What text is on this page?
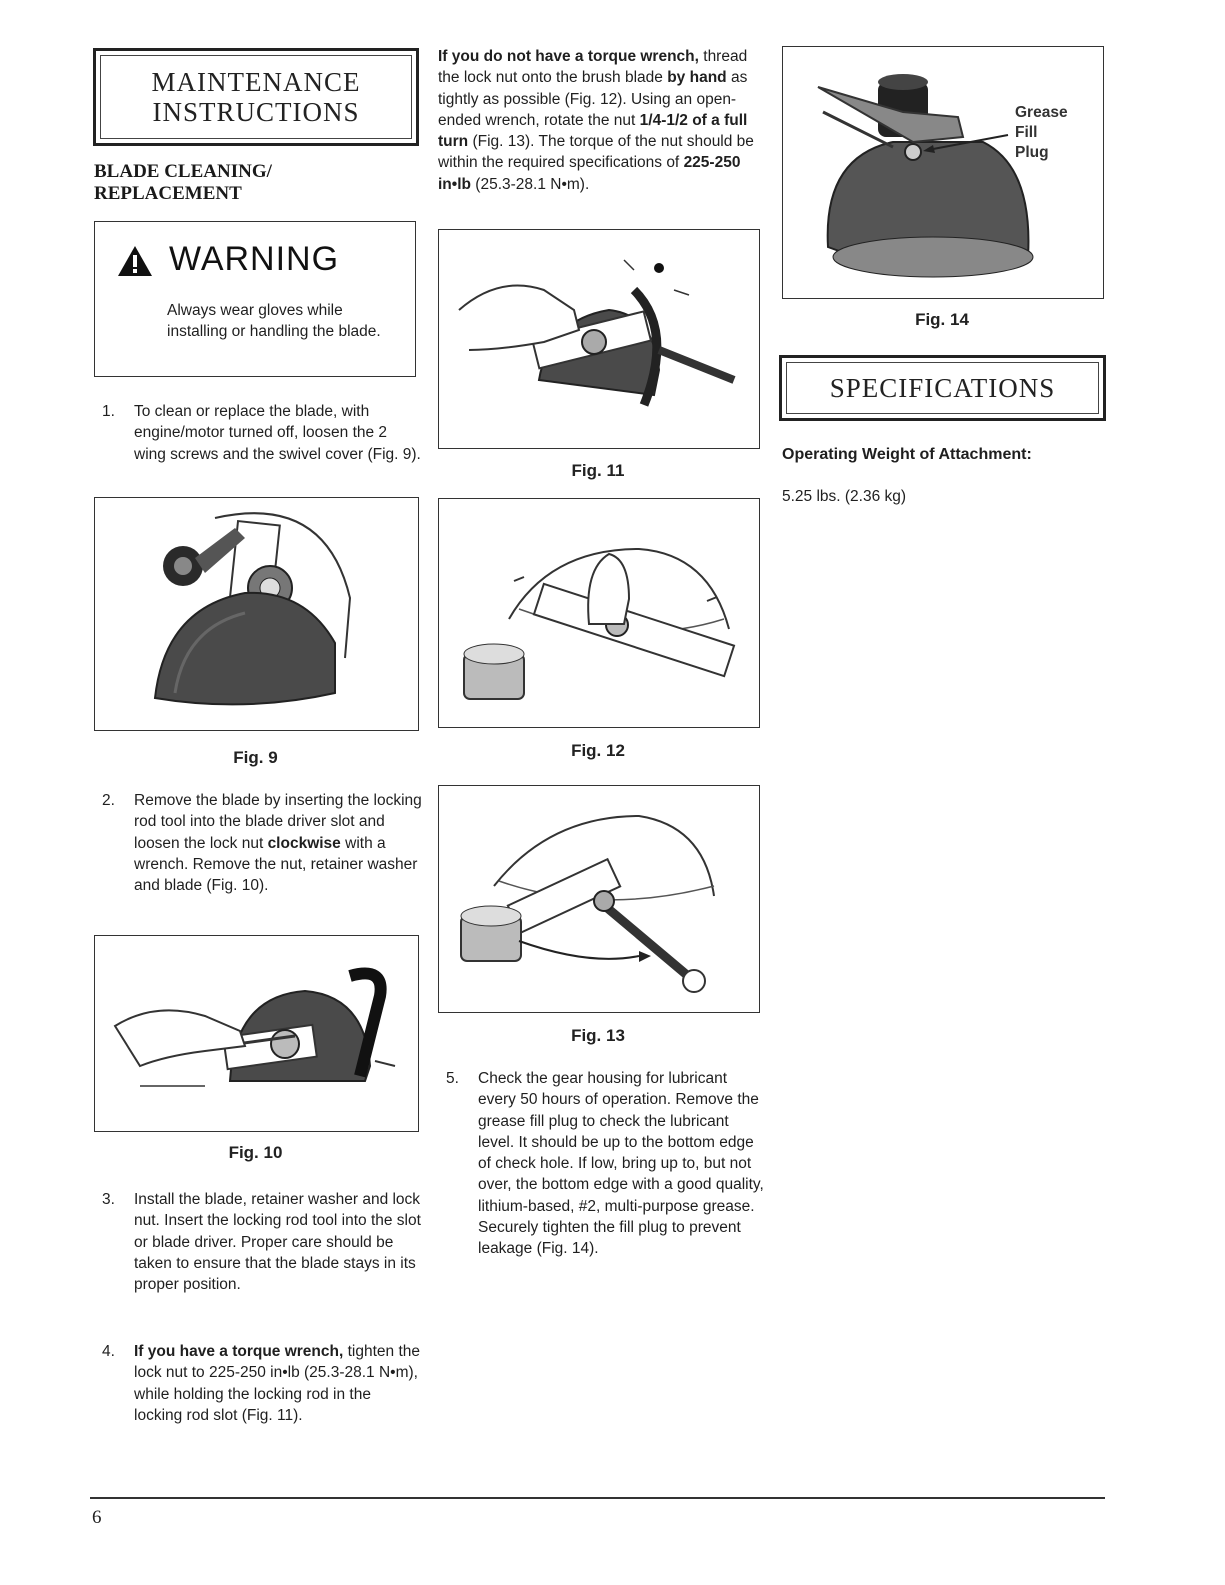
MAINTENANCE
INSTRUCTIONS
BLADE CLEANING/
REPLACEMENT
WARNING
Always wear gloves while installing or handling the blade.
1.	To clean or replace the blade, with engine/motor turned off, loosen the 2 wing screws and the swivel cover (Fig. 9).
Fig. 9
2.	Remove the blade by inserting the locking rod tool into the blade driver slot and loosen the lock nut clockwise with a wrench. Remove the nut, retainer washer and blade (Fig. 10).
Fig. 10
3.	Install the blade, retainer washer and lock nut. Insert the locking rod tool into the slot or blade driver. Proper care should be taken to ensure that the blade stays in its proper position.
4.	If you have a torque wrench, tighten the lock nut to 225-250 in•lb (25.3-28.1 N•m), while holding the locking rod in the locking rod slot (Fig. 11).
If you do not have a torque wrench, thread the lock nut onto the brush blade by hand as tightly as possible (Fig. 12). Using an open-ended wrench, rotate the nut 1/4-1/2 of a full turn (Fig. 13). The torque of the nut should be within the required specifications of 225-250 in•lb (25.3-28.1 N•m).
Fig. 11
Fig. 12
Fig. 13
5.	Check the gear housing for lubricant every 50 hours of operation. Remove the grease fill plug to check the lubricant level. It should be up to the bottom edge of check hole. If low, bring up to, but not over, the bottom edge with a good quality, lithium-based, #2, multi-purpose grease. Securely tighten the fill plug to prevent leakage (Fig. 14).
Grease
Fill
Plug
Fig. 14
SPECIFICATIONS
Operating Weight of Attachment:
5.25 lbs. (2.36 kg)
6
